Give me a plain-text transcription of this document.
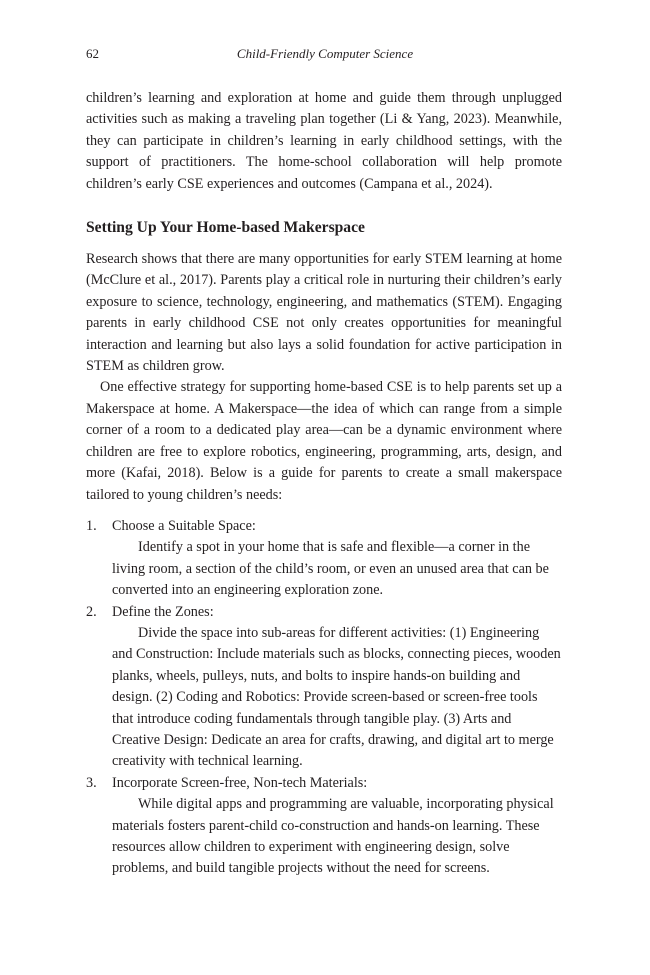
62	Child-Friendly Computer Science

children’s learning and exploration at home and guide them through unplugged activities such as making a traveling plan together (Li & Yang, 2023). Meanwhile, they can participate in children’s learning in early childhood settings, with the support of practitioners. The home-school collaboration will help promote children’s early CSE experiences and outcomes (Campana et al., 2024).

Setting Up Your Home-based Makerspace

Research shows that there are many opportunities for early STEM learning at home (McClure et al., 2017). Parents play a critical role in nurturing their children’s early exposure to science, technology, engineering, and mathematics (STEM). Engaging parents in early childhood CSE not only creates opportunities for meaningful interaction and learning but also lays a solid foundation for active participation in STEM as children grow.

One effective strategy for supporting home-based CSE is to help parents set up a Makerspace at home. A Makerspace—the idea of which can range from a simple corner of a room to a dedicated play area—can be a dynamic environment where children are free to explore robotics, engineering, programming, arts, design, and more (Kafai, 2018). Below is a guide for parents to create a small makerspace tailored to young children’s needs:

1. Choose a Suitable Space:
Identify a spot in your home that is safe and flexible—a corner in the living room, a section of the child’s room, or even an unused area that can be converted into an engineering exploration zone.
2. Define the Zones:
Divide the space into sub-areas for different activities: (1) Engineering and Construction: Include materials such as blocks, connecting pieces, wooden planks, wheels, pulleys, nuts, and bolts to inspire hands-on building and design. (2) Coding and Robotics: Provide screen-based or screen-free tools that introduce coding fundamentals through tangible play. (3) Arts and Creative Design: Dedicate an area for crafts, drawing, and digital art to merge creativity with technical learning.
3. Incorporate Screen-free, Non-tech Materials:
While digital apps and programming are valuable, incorporating physical materials fosters parent-child co-construction and hands-on learning. These resources allow children to experiment with engineering design, solve problems, and build tangible projects without the need for screens.
